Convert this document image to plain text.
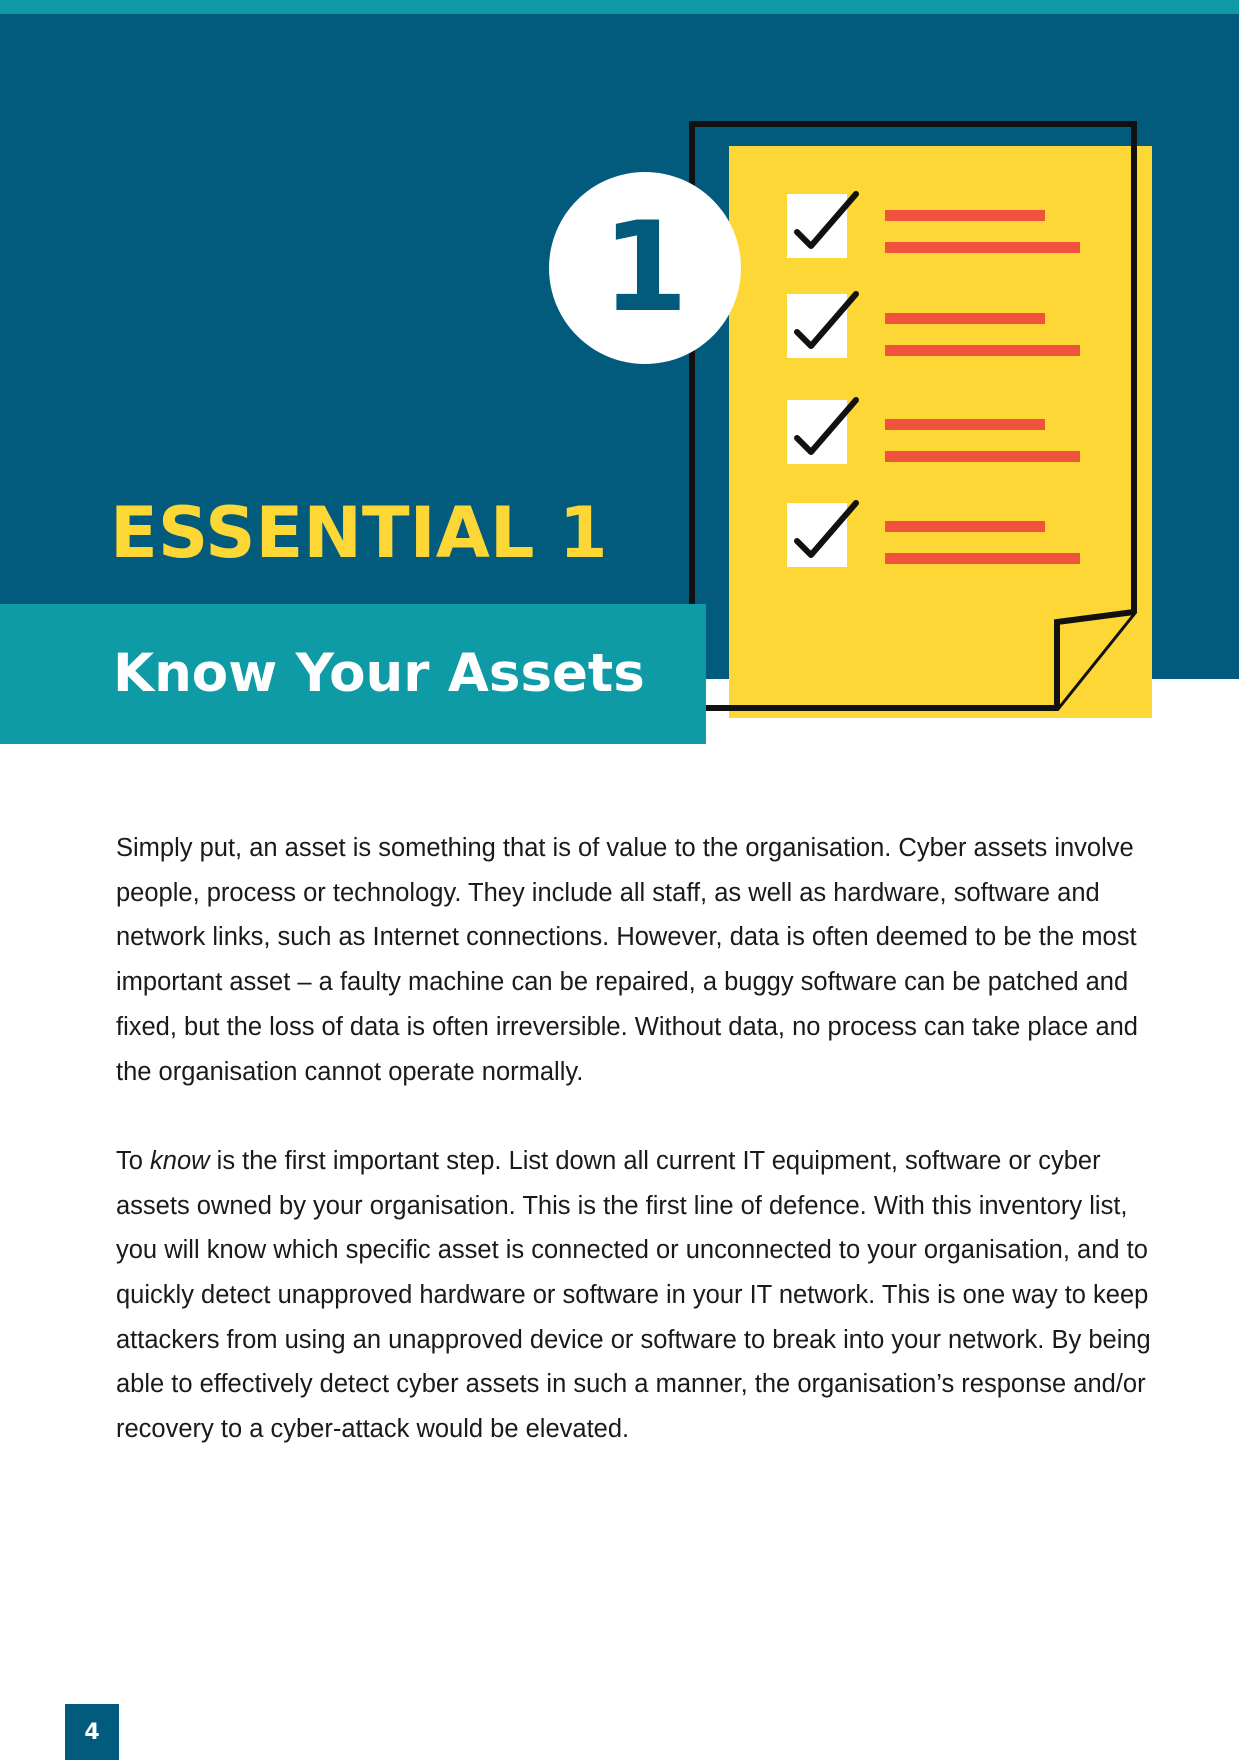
1
ESSENTIAL 1
Know Your Assets

Simply put, an asset is something that is of value to the organisation. Cyber assets involve people, process or technology. They include all staff, as well as hardware, software and network links, such as Internet connections. However, data is often deemed to be the most important asset – a faulty machine can be repaired, a buggy software can be patched and fixed, but the loss of data is often irreversible. Without data, no process can take place and the organisation cannot operate normally.

To know is the first important step. List down all current IT equipment, software or cyber assets owned by your organisation. This is the first line of defence. With this inventory list, you will know which specific asset is connected or unconnected to your organisation, and to quickly detect unapproved hardware or software in your IT network. This is one way to keep attackers from using an unapproved device or software to break into your network. By being able to effectively detect cyber assets in such a manner, the organisation’s response and/or recovery to a cyber-attack would be elevated.

4
